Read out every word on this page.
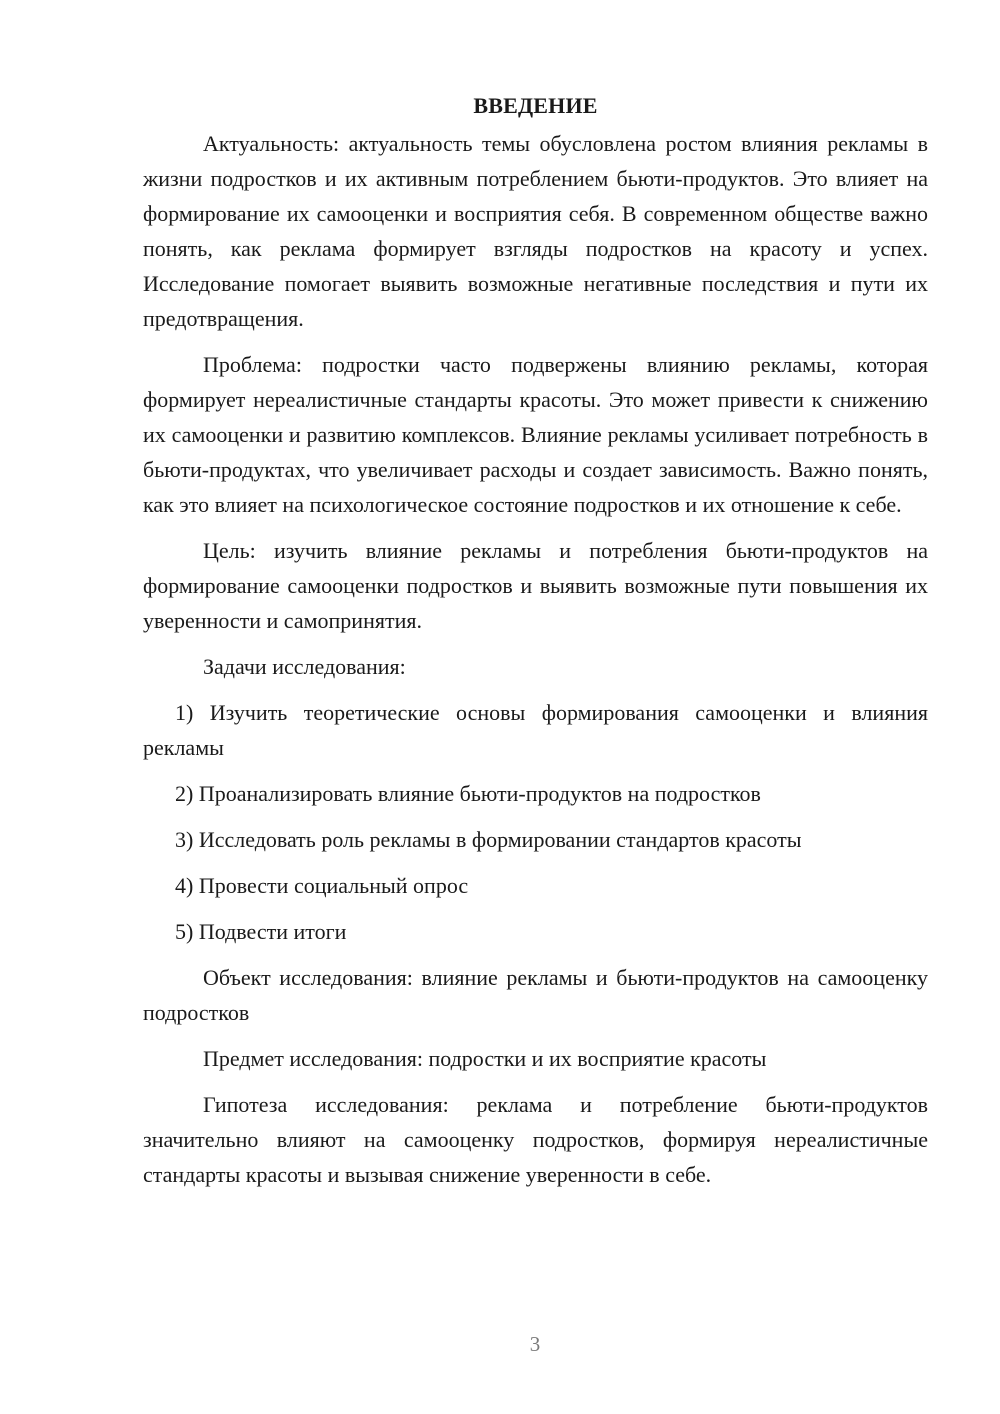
ВВЕДЕНИЕ

Актуальность: актуальность темы обусловлена ростом влияния рекламы в жизни подростков и их активным потреблением бьюти-продуктов. Это влияет на формирование их самооценки и восприятия себя. В современном обществе важно понять, как реклама формирует взгляды подростков на красоту и успех. Исследование помогает выявить возможные негативные последствия и пути их предотвращения.

Проблема: подростки часто подвержены влиянию рекламы, которая формирует нереалистичные стандарты красоты. Это может привести к снижению их самооценки и развитию комплексов. Влияние рекламы усиливает потребность в бьюти-продуктах, что увеличивает расходы и создает зависимость. Важно понять, как это влияет на психологическое состояние подростков и их отношение к себе.

Цель: изучить влияние рекламы и потребления бьюти-продуктов на формирование самооценки подростков и выявить возможные пути повышения их уверенности и самопринятия.

Задачи исследования:

1) Изучить теоретические основы формирования самооценки и влияния рекламы

2) Проанализировать влияние бьюти-продуктов на подростков

3) Исследовать роль рекламы в формировании стандартов красоты

4) Провести социальный опрос

5) Подвести итоги

Объект исследования: влияние рекламы и бьюти-продуктов на самооценку подростков

Предмет исследования: подростки и их восприятие красоты

Гипотеза исследования: реклама и потребление бьюти-продуктов значительно влияют на самооценку подростков, формируя нереалистичные стандарты красоты и вызывая снижение уверенности в себе.

3
